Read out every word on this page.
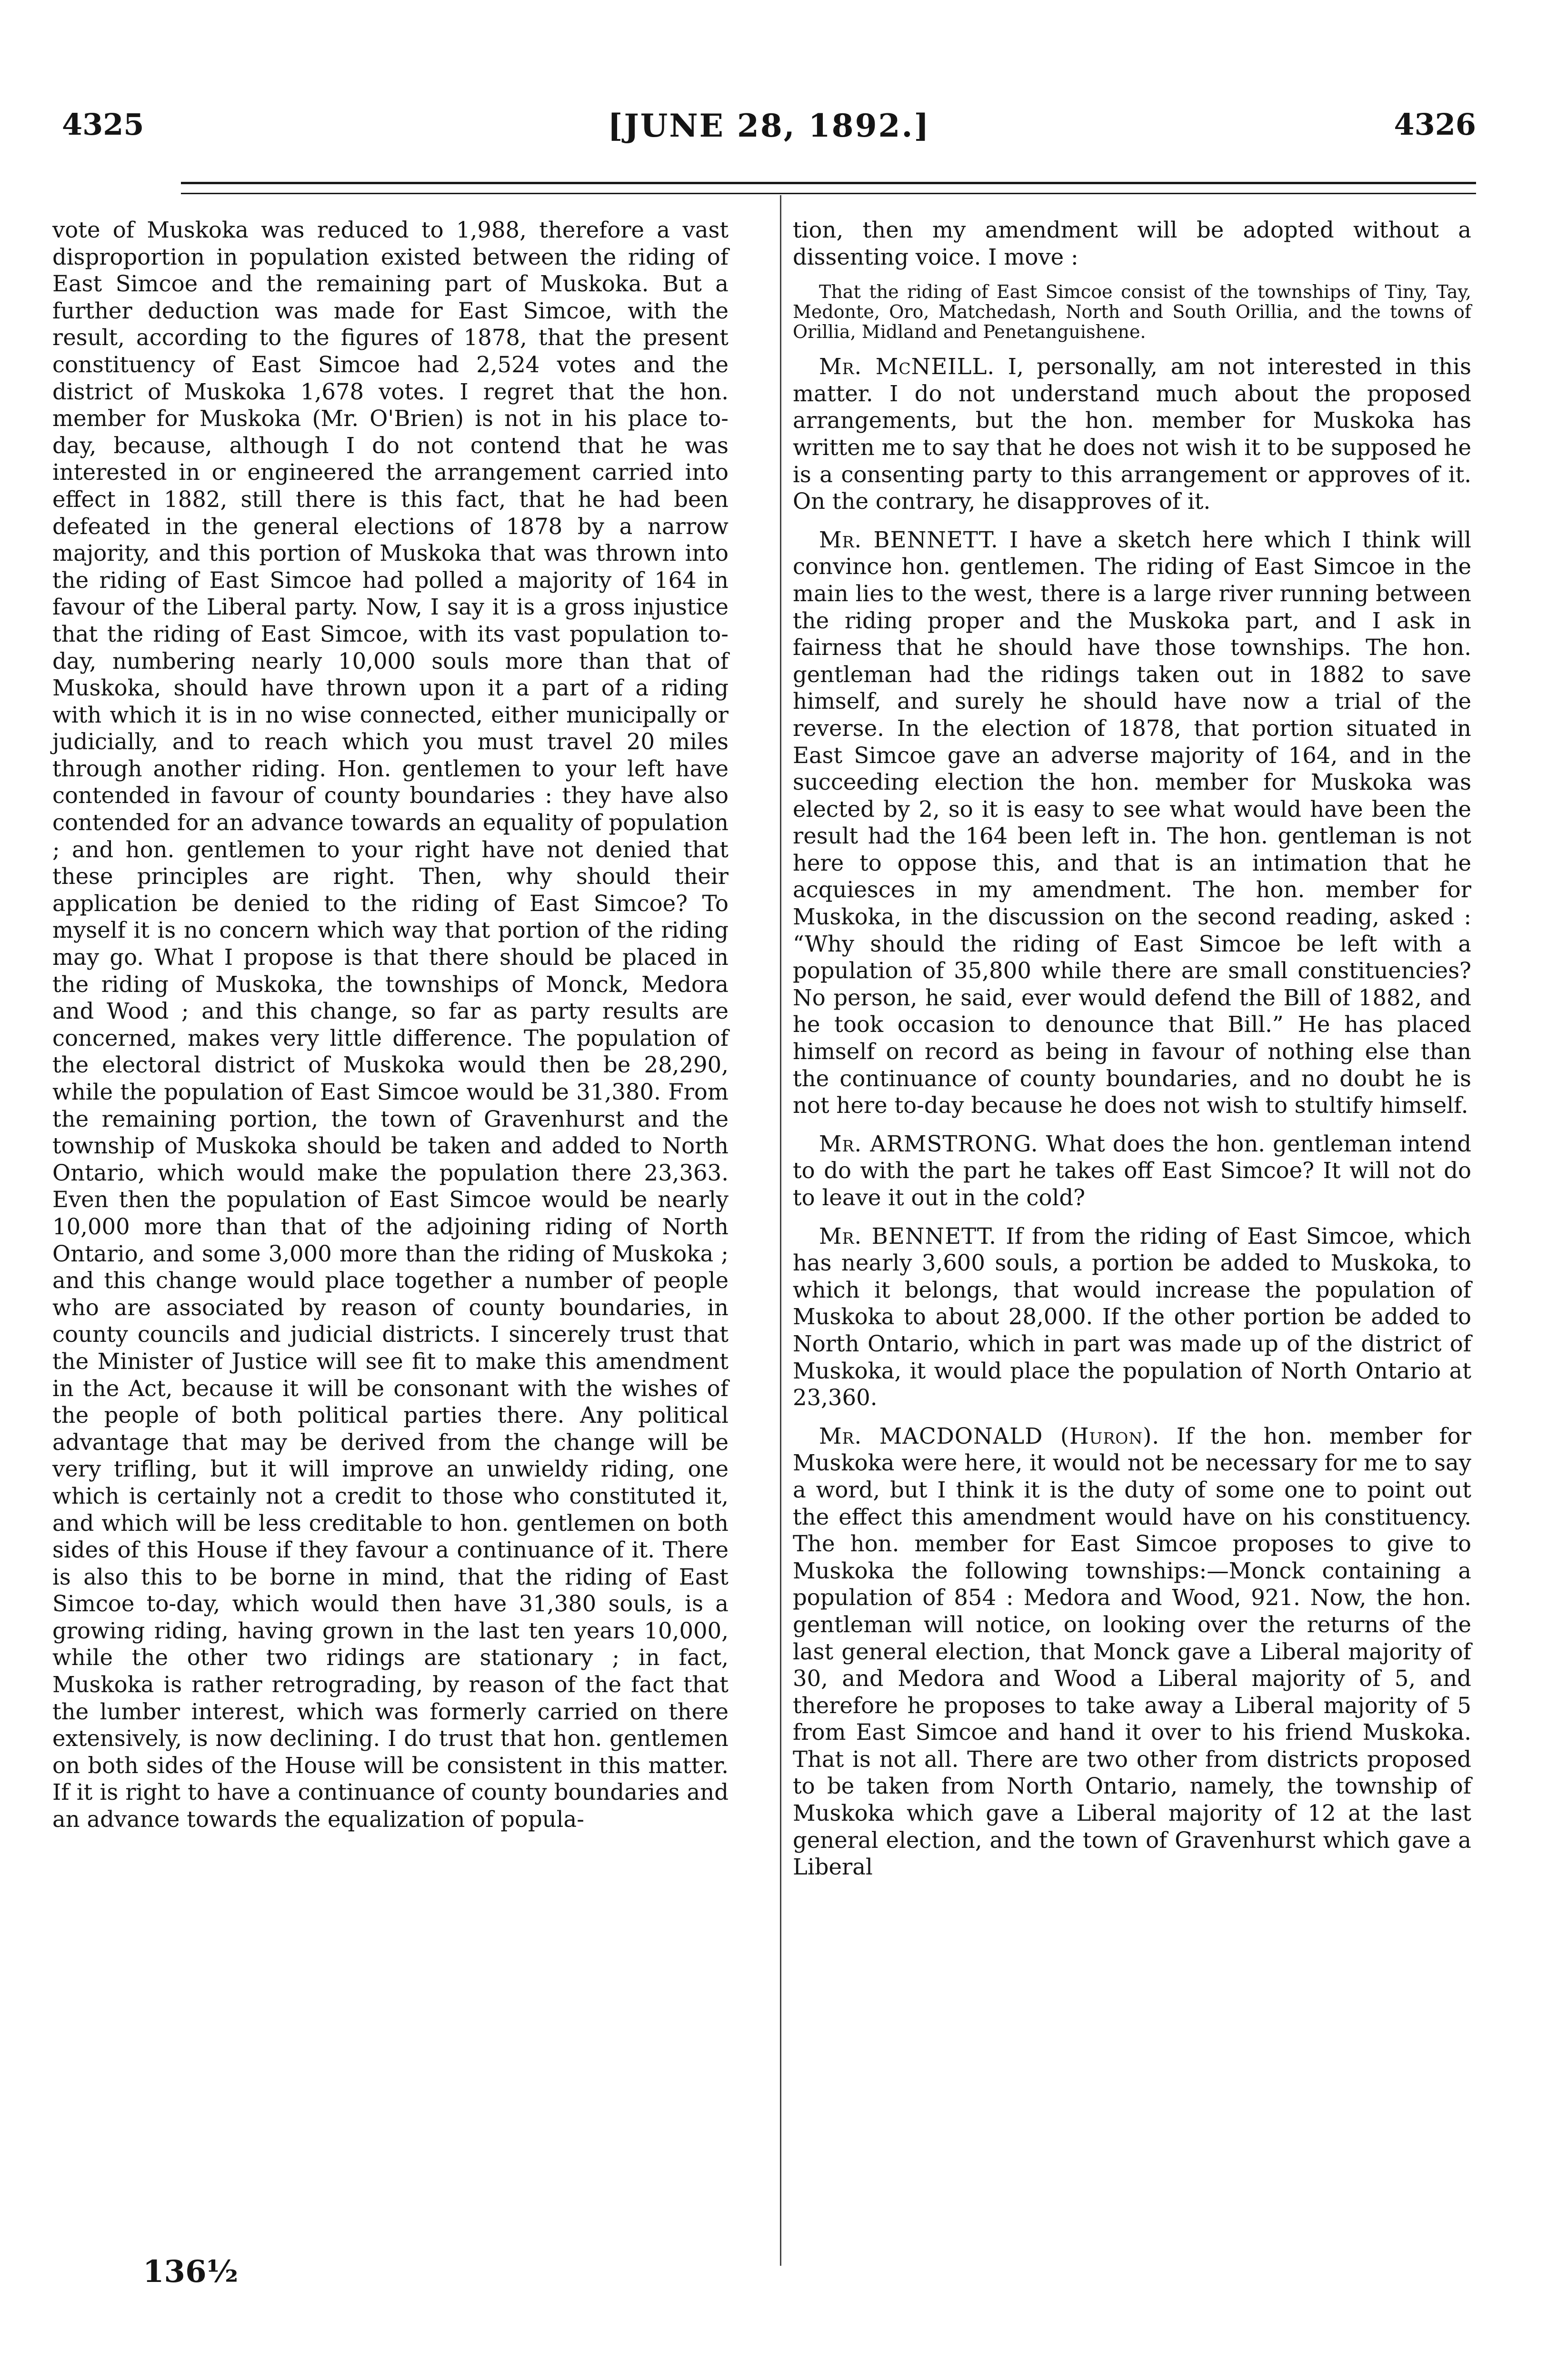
4325	[JUNE 28, 1892.]	4326

vote of Muskoka was reduced to 1,988, therefore a vast disproportion in population existed between the riding of East Simcoe and the remaining part of Muskoka. But a further deduction was made for East Simcoe, with the result, according to the figures of 1878, that the present constituency of East Simcoe had 2,524 votes and the district of Muskoka 1,678 votes. I regret that the hon. member for Muskoka (Mr. O'Brien) is not in his place to-day, because, although I do not contend that he was interested in or engineered the arrangement carried into effect in 1882, still there is this fact, that he had been defeated in the general elections of 1878 by a narrow majority, and this portion of Muskoka that was thrown into the riding of East Simcoe had polled a majority of 164 in favour of the Liberal party. Now, I say it is a gross injustice that the riding of East Simcoe, with its vast population to-day, numbering nearly 10,000 souls more than that of Muskoka, should have thrown upon it a part of a riding with which it is in no wise connected, either municipally or judicially, and to reach which you must travel 20 miles through another riding. Hon. gentlemen to your left have contended in favour of county boundaries : they have also contended for an advance towards an equality of population ; and hon. gentlemen to your right have not denied that these principles are right. Then, why should their application be denied to the riding of East Simcoe? To myself it is no concern which way that portion of the riding may go. What I propose is that there should be placed in the riding of Muskoka, the townships of Monck, Medora and Wood ; and this change, so far as party results are concerned, makes very little difference. The population of the electoral district of Muskoka would then be 28,290, while the population of East Simcoe would be 31,380. From the remaining portion, the town of Gravenhurst and the township of Muskoka should be taken and added to North Ontario, which would make the population there 23,363. Even then the population of East Simcoe would be nearly 10,000 more than that of the adjoining riding of North Ontario, and some 3,000 more than the riding of Muskoka ; and this change would place together a number of people who are associated by reason of county boundaries, in county councils and judicial districts. I sincerely trust that the Minister of Justice will see fit to make this amendment in the Act, because it will be consonant with the wishes of the people of both political parties there. Any political advantage that may be derived from the change will be very trifling, but it will improve an unwieldy riding, one which is certainly not a credit to those who constituted it, and which will be less creditable to hon. gentlemen on both sides of this House if they favour a continuance of it. There is also this to be borne in mind, that the riding of East Simcoe to-day, which would then have 31,380 souls, is a growing riding, having grown in the last ten years 10,000, while the other two ridings are stationary ; in fact, Muskoka is rather retrograding, by reason of the fact that the lumber interest, which was formerly carried on there extensively, is now declining. I do trust that hon. gentlemen on both sides of the House will be consistent in this matter. If it is right to have a continuance of county boundaries and an advance towards the equalization of popula-

tion, then my amendment will be adopted without a dissenting voice. I move :

That the riding of East Simcoe consist of the townships of Tiny, Tay, Medonte, Oro, Matchedash, North and South Orillia, and the towns of Orillia, Midland and Penetanguishene.

Mr. McNEILL. I, personally, am not interested in this matter. I do not understand much about the proposed arrangements, but the hon. member for Muskoka has written me to say that he does not wish it to be supposed he is a consenting party to this arrangement or approves of it. On the contrary, he disapproves of it.

Mr. BENNETT. I have a sketch here which I think will convince hon. gentlemen. The riding of East Simcoe in the main lies to the west, there is a large river running between the riding proper and the Muskoka part, and I ask in fairness that he should have those townships. The hon. gentleman had the ridings taken out in 1882 to save himself, and surely he should have now a trial of the reverse. In the election of 1878, that portion situated in East Simcoe gave an adverse majority of 164, and in the succeeding election the hon. member for Muskoka was elected by 2, so it is easy to see what would have been the result had the 164 been left in. The hon. gentleman is not here to oppose this, and that is an intimation that he acquiesces in my amendment. The hon. member for Muskoka, in the discussion on the second reading, asked : “Why should the riding of East Simcoe be left with a population of 35,800 while there are small constituencies? No person, he said, ever would defend the Bill of 1882, and he took occasion to denounce that Bill.” He has placed himself on record as being in favour of nothing else than the continuance of county boundaries, and no doubt he is not here to-day because he does not wish to stultify himself.

Mr. ARMSTRONG. What does the hon. gentleman intend to do with the part he takes off East Simcoe? It will not do to leave it out in the cold?

Mr. BENNETT. If from the riding of East Simcoe, which has nearly 3,600 souls, a portion be added to Muskoka, to which it belongs, that would increase the population of Muskoka to about 28,000. If the other portion be added to North Ontario, which in part was made up of the district of Muskoka, it would place the population of North Ontario at 23,360.

Mr. MACDONALD (Huron). If the hon. member for Muskoka were here, it would not be necessary for me to say a word, but I think it is the duty of some one to point out the effect this amendment would have on his constituency. The hon. member for East Simcoe proposes to give to Muskoka the following townships:—Monck containing a population of 854 : Medora and Wood, 921. Now, the hon. gentleman will notice, on looking over the returns of the last general election, that Monck gave a Liberal majority of 30, and Medora and Wood a Liberal majority of 5, and therefore he proposes to take away a Liberal majority of 5 from East Simcoe and hand it over to his friend Muskoka. That is not all. There are two other from districts proposed to be taken from North Ontario, namely, the township of Muskoka which gave a Liberal majority of 12 at the last general election, and the town of Gravenhurst which gave a Liberal

136½
